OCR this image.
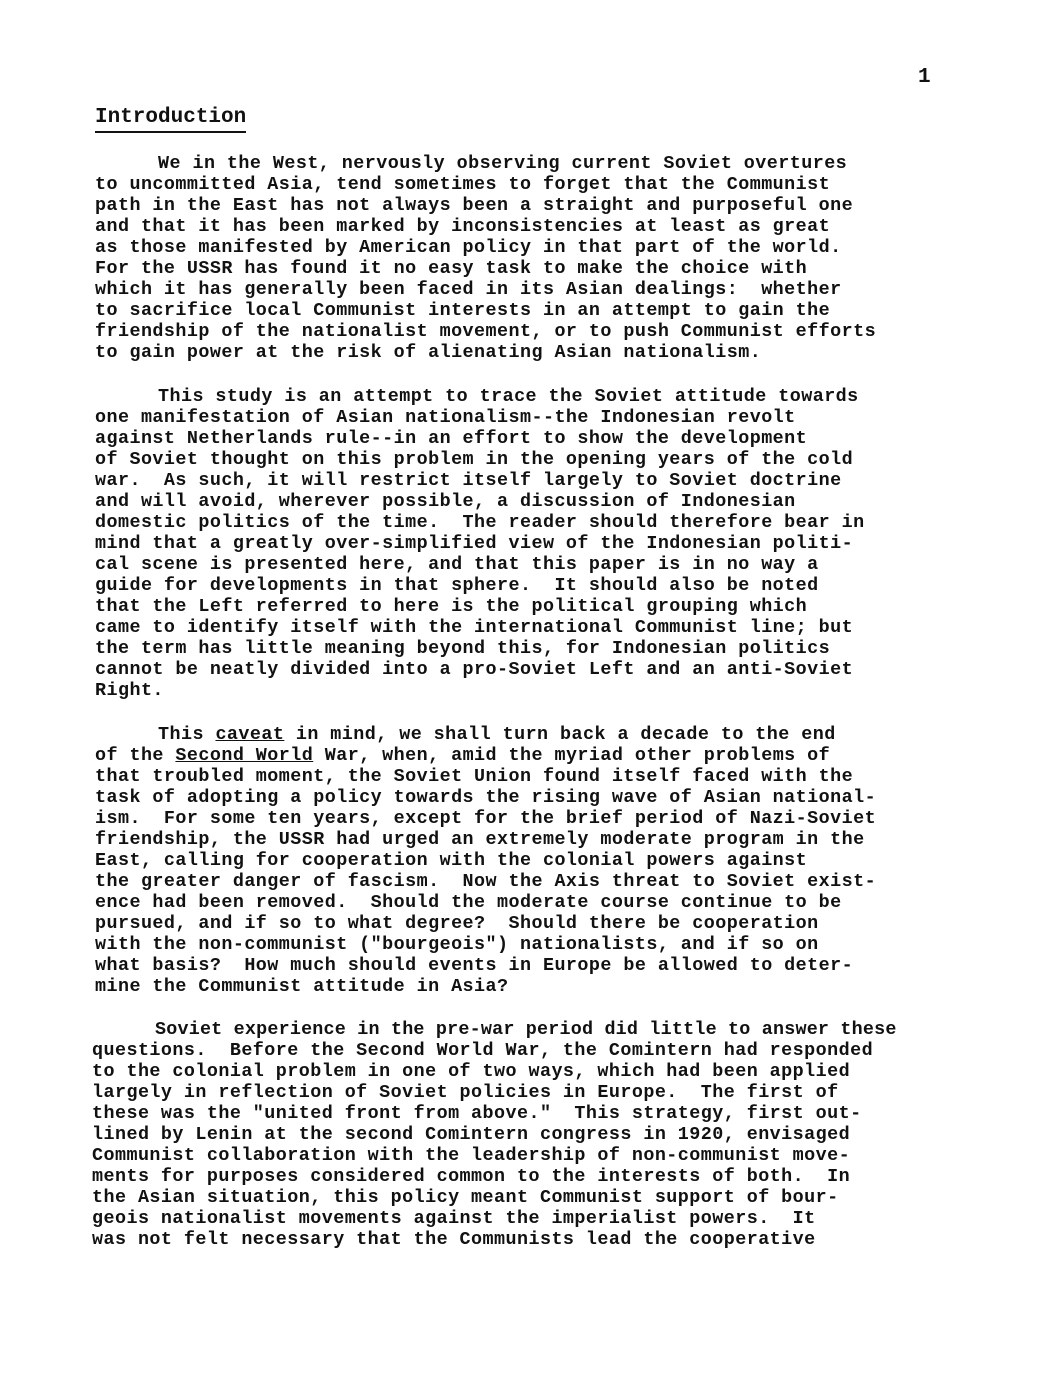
1
Introduction
We in the West, nervously observing current Soviet overtures
to uncommitted Asia, tend sometimes to forget that the Communist
path in the East has not always been a straight and purposeful one
and that it has been marked by inconsistencies at least as great
as those manifested by American policy in that part of the world.
For the USSR has found it no easy task to make the choice with
which it has generally been faced in its Asian dealings:  whether
to sacrifice local Communist interests in an attempt to gain the
friendship of the nationalist movement, or to push Communist efforts
to gain power at the risk of alienating Asian nationalism.
This study is an attempt to trace the Soviet attitude towards
one manifestation of Asian nationalism--the Indonesian revolt
against Netherlands rule--in an effort to show the development
of Soviet thought on this problem in the opening years of the cold
war.  As such, it will restrict itself largely to Soviet doctrine
and will avoid, wherever possible, a discussion of Indonesian
domestic politics of the time.  The reader should therefore bear in
mind that a greatly over-simplified view of the Indonesian politi-
cal scene is presented here, and that this paper is in no way a
guide for developments in that sphere.  It should also be noted
that the Left referred to here is the political grouping which
came to identify itself with the international Communist line; but
the term has little meaning beyond this, for Indonesian politics
cannot be neatly divided into a pro-Soviet Left and an anti-Soviet
Right.
This caveat in mind, we shall turn back a decade to the end
of the Second World War, when, amid the myriad other problems of
that troubled moment, the Soviet Union found itself faced with the
task of adopting a policy towards the rising wave of Asian national-
ism.  For some ten years, except for the brief period of Nazi-Soviet
friendship, the USSR had urged an extremely moderate program in the
East, calling for cooperation with the colonial powers against
the greater danger of fascism.  Now the Axis threat to Soviet exist-
ence had been removed.  Should the moderate course continue to be
pursued, and if so to what degree?  Should there be cooperation
with the non-communist ("bourgeois") nationalists, and if so on
what basis?  How much should events in Europe be allowed to deter-
mine the Communist attitude in Asia?
Soviet experience in the pre-war period did little to answer these
questions.  Before the Second World War, the Comintern had responded
to the colonial problem in one of two ways, which had been applied
largely in reflection of Soviet policies in Europe.  The first of
these was the "united front from above."  This strategy, first out-
lined by Lenin at the second Comintern congress in 1920, envisaged
Communist collaboration with the leadership of non-communist move-
ments for purposes considered common to the interests of both.  In
the Asian situation, this policy meant Communist support of bour-
geois nationalist movements against the imperialist powers.  It
was not felt necessary that the Communists lead the cooperative
